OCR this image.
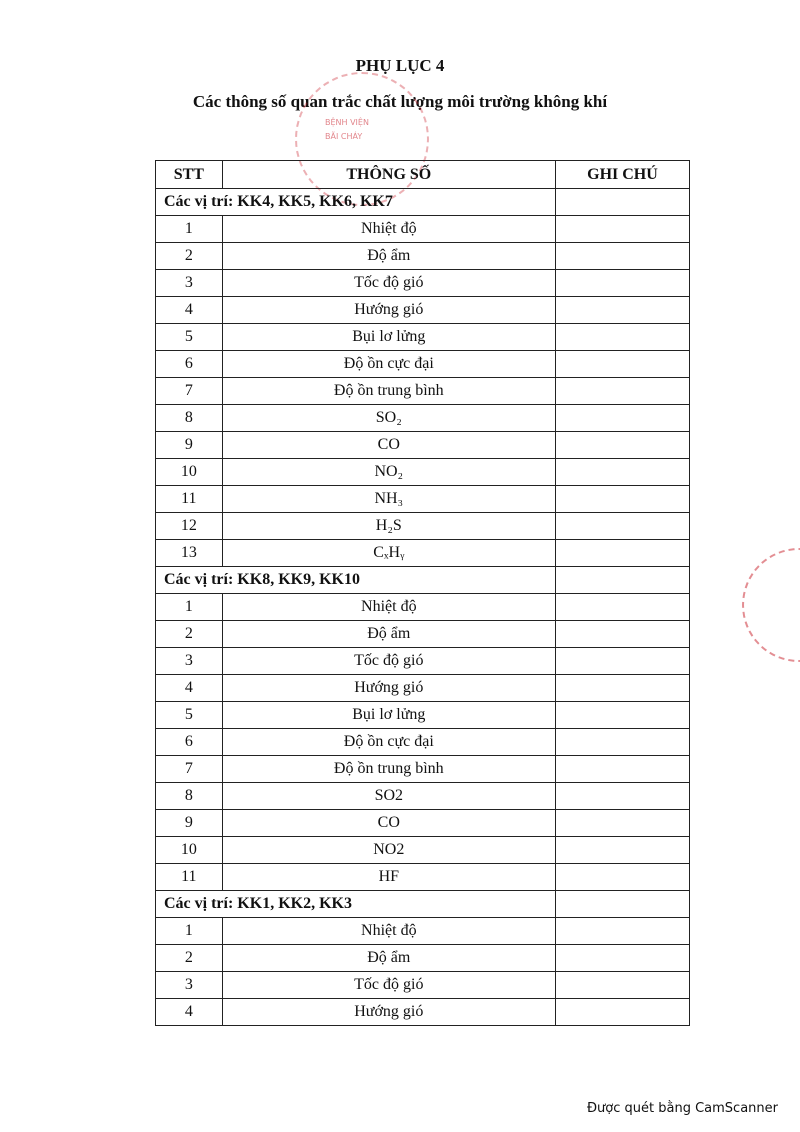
PHỤ LỤC 4
Các thông số quan trắc chất lượng môi trường không khí
BỆNH VIỆN
BÃI CHÁY
STT	THÔNG SỐ	GHI CHÚ
Các vị trí: KK4, KK5, KK6, KK7		
1	Nhiệt độ	
2	Độ ẩm	
3	Tốc độ gió	
4	Hướng gió	
5	Bụi lơ lửng	
6	Độ ồn cực đại	
7	Độ ồn trung bình	
8	SO₂	
9	CO	
10	NO₂	
11	NH₃	
12	H₂S	
13	CₓHᵧ	
Các vị trí: KK8, KK9, KK10		
1	Nhiệt độ	
2	Độ ẩm	
3	Tốc độ gió	
4	Hướng gió	
5	Bụi lơ lửng	
6	Độ ồn cực đại	
7	Độ ồn trung bình	
8	SO2	
9	CO	
10	NO2	
11	HF	
Các vị trí: KK1, KK2, KK3		
1	Nhiệt độ	
2	Độ ẩm	
3	Tốc độ gió	
4	Hướng gió	
Được quét bằng CamScanner
